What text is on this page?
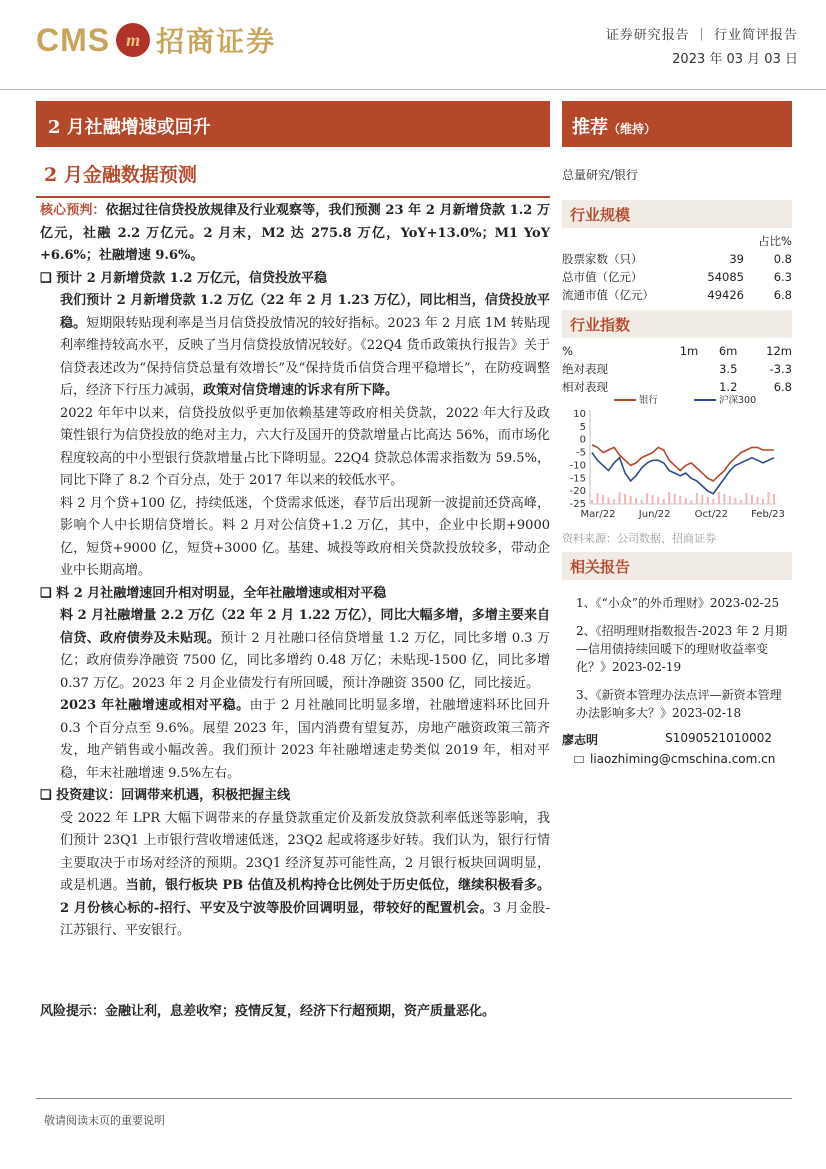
CMS m 招商证券	证券研究报告 ｜ 行业简评报告
2023 年 03 月 03 日
2 月社融增速或回升	推荐（维持）
2 月金融数据预测

核心预判：依据过往信贷投放规律及行业观察等，我们预测 23 年 2 月新增贷款 1.2 万亿元，社融 2.2 万亿元。2 月末，M2 达 275.8 万亿，YoY+13.0%；M1 YoY +6.6%；社融增速 9.6%。

❑ 预计 2 月新增贷款 1.2 万亿元，信贷投放平稳

我们预计 2 月新增贷款 1.2 万亿（22 年 2 月 1.23 万亿），同比相当，信贷投放平稳。短期限转贴现利率是当月信贷投放情况的较好指标。2023 年 2 月底 1M 转贴现利率维持较高水平，反映了当月信贷投放情况较好。《22Q4 货币政策执行报告》关于信贷表述改为“保持信贷总量有效增长”及“保持货币信贷合理平稳增长”，在防疫调整后，经济下行压力减弱，政策对信贷增速的诉求有所下降。

2022 年年中以来，信贷投放似乎更加依赖基建等政府相关贷款，2022 年大行及政策性银行为信贷投放的绝对主力，六大行及国开的贷款增量占比高达 56%，而市场化程度较高的中小型银行贷款增量占比下降明显。22Q4 贷款总体需求指数为 59.5%，同比下降了 8.2 个百分点，处于 2017 年以来的较低水平。

料 2 月个贷+100 亿，持续低迷，个贷需求低迷，春节后出现新一波提前还贷高峰，影响个人中长期信贷增长。料 2 月对公信贷+1.2 万亿，其中，企业中长期+9000 亿，短贷+9000 亿，短贷+3000 亿。基建、城投等政府相关贷款投放较多，带动企业中长期高增。

❑ 料 2 月社融增速回升相对明显，全年社融增速或相对平稳

料 2 月社融增量 2.2 万亿（22 年 2 月 1.22 万亿），同比大幅多增，多增主要来自信贷、政府债券及未贴现。预计 2 月社融口径信贷增量 1.2 万亿，同比多增 0.3 万亿；政府债券净融资 7500 亿，同比多增约 0.48 万亿；未贴现-1500 亿，同比多增 0.37 万亿。2023 年 2 月企业债发行有所回暖，预计净融资 3500 亿，同比接近。

2023 年社融增速或相对平稳。由于 2 月社融同比明显多增，社融增速料环比回升 0.3 个百分点至 9.6%。展望 2023 年，国内消费有望复苏，房地产融资政策三箭齐发，地产销售或小幅改善。我们预计 2023 年社融增速走势类似 2019 年，相对平稳，年末社融增速 9.5%左右。

❑ 投资建议：回调带来机遇，积极把握主线

受 2022 年 LPR 大幅下调带来的存量贷款重定价及新发放贷款利率低迷等影响，我们预计 23Q1 上市银行营收增速低迷，23Q2 起或将逐步好转。我们认为，银行行情主要取决于市场对经济的预期。23Q1 经济复苏可能性高，2 月银行板块回调明显，或是机遇。当前，银行板块 PB 估值及机构持仓比例处于历史低位，继续积极看多。2 月份核心标的-招行、平安及宁波等股价回调明显，带较好的配置机会。3 月金股-江苏银行、平安银行。

风险提示：金融让利，息差收窄；疫情反复，经济下行超预期，资产质量恶化。
总量研究/银行
行业规模
		占比%
股票家数（只）	39	0.8
总市值（亿元）	54085	6.3
流通市值（亿元）	49426	6.8
行业指数
%	1m	6m	12m
绝对表现		3.5	-3.3
相对表现		1.2	6.8
10
5
0
-5
-10
-15
-20
-25
Mar/22 Jun/22 Oct/22 Feb/23
银行	沪深300
资料来源：公司数据、招商证券
相关报告

1、《“小众”的外币理财》2023-02-25

2、《招明理财指数报告-2023 年 2 月期—信用债持续回暖下的理财收益率变化？》2023-02-19

3、《新资本管理办法点评—新资本管理办法影响多大？》2023-02-18

廖志明	S1090521010002
liaozhiming@cmschina.com.cn
敬请阅读末页的重要说明
